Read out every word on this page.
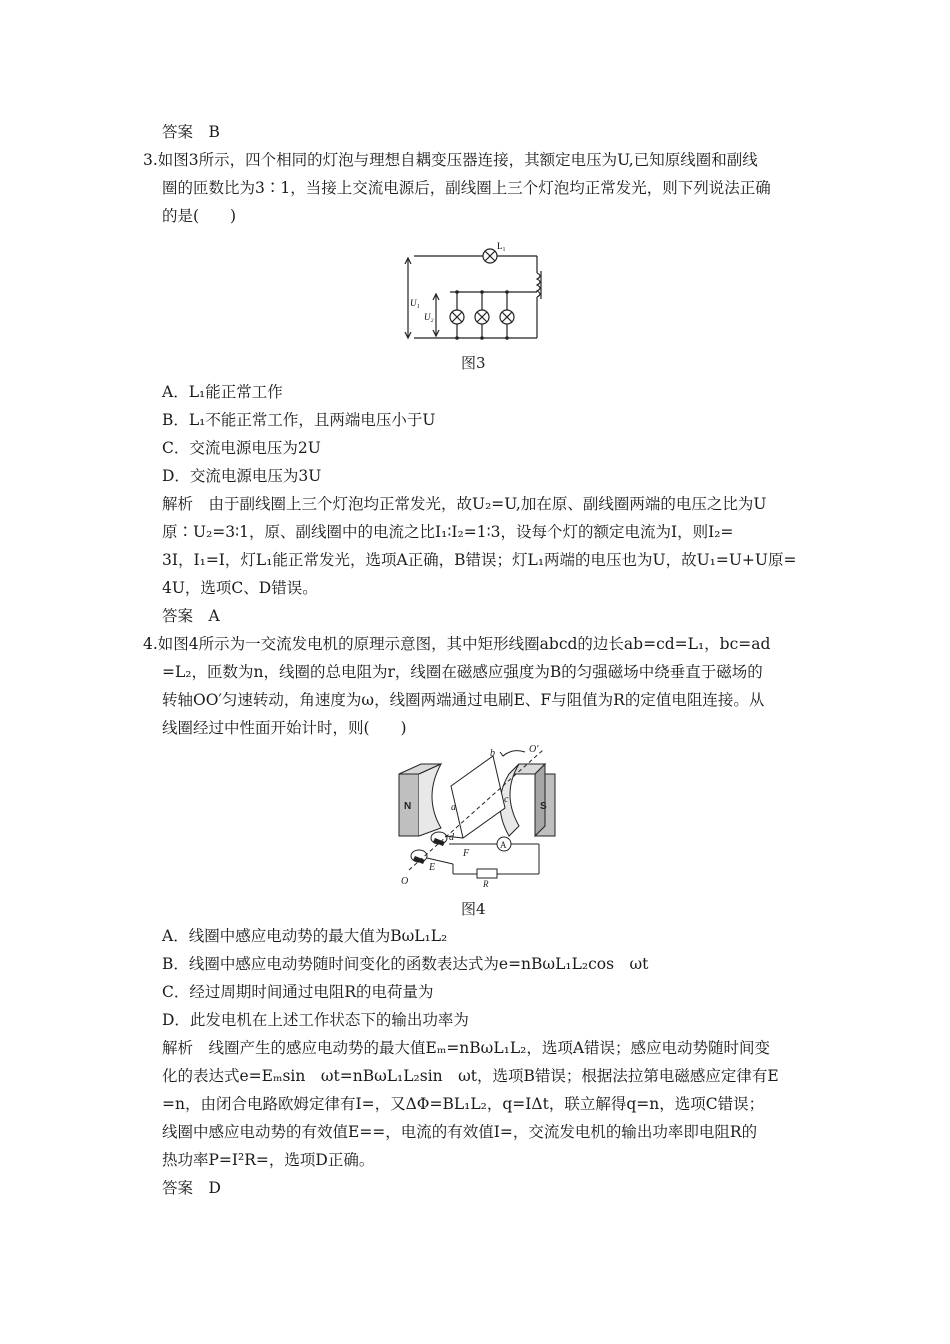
答案　B
3.如图3所示，四个相同的灯泡与理想自耦变压器连接，其额定电压为U,已知原线圈和副线
圈的匝数比为3∶1，当接上交流电源后，副线圈上三个灯泡均正常发光，则下列说法正确
的是(　　)
L₁
U₁
U₂
图3
A．L₁能正常工作
B．L₁不能正常工作，且两端电压小于U
C．交流电源电压为2U
D．交流电源电压为3U
解析　由于副线圈上三个灯泡均正常发光，故U₂=U,加在原、副线圈两端的电压之比为U
原∶U₂=3∶1，原、副线圈中的电流之比I₁∶I₂=1∶3，设每个灯的额定电流为I，则I₂=
3I，I₁=I，灯L₁能正常发光，选项A正确，B错误；灯L₁两端的电压也为U，故U₁=U+U原=
4U，选项C、D错误。
答案　A
4.如图4所示为一交流发电机的原理示意图，其中矩形线圈abcd的边长ab=cd=L₁，bc=ad
=L₂，匝数为n，线圈的总电阻为r，线圈在磁感应强度为B的匀强磁场中绕垂直于磁场的
转轴OO′匀速转动，角速度为ω，线圈两端通过电刷E、F与阻值为R的定值电阻连接。从
线圈经过中性面开始计时，则(　　)
N	S
a
b
c
d
E
F
A
R
O
O′
图4
A．线圈中感应电动势的最大值为BωL₁L₂
B．线圈中感应电动势随时间变化的函数表达式为e=nBωL₁L₂cos　ωt
C．经过周期时间通过电阻R的电荷量为
D．此发电机在上述工作状态下的输出功率为
解析　线圈产生的感应电动势的最大值Eₘ=nBωL₁L₂，选项A错误；感应电动势随时间变
化的表达式e=Eₘsin　ωt=nBωL₁L₂sin　ωt，选项B错误；根据法拉第电磁感应定律有E
=n，由闭合电路欧姆定律有I=，又ΔΦ=BL₁L₂，q=IΔt，联立解得q=n，选项C错误；
线圈中感应电动势的有效值E==，电流的有效值I=，交流发电机的输出功率即电阻R的
热功率P=I²R=，选项D正确。
答案　D
